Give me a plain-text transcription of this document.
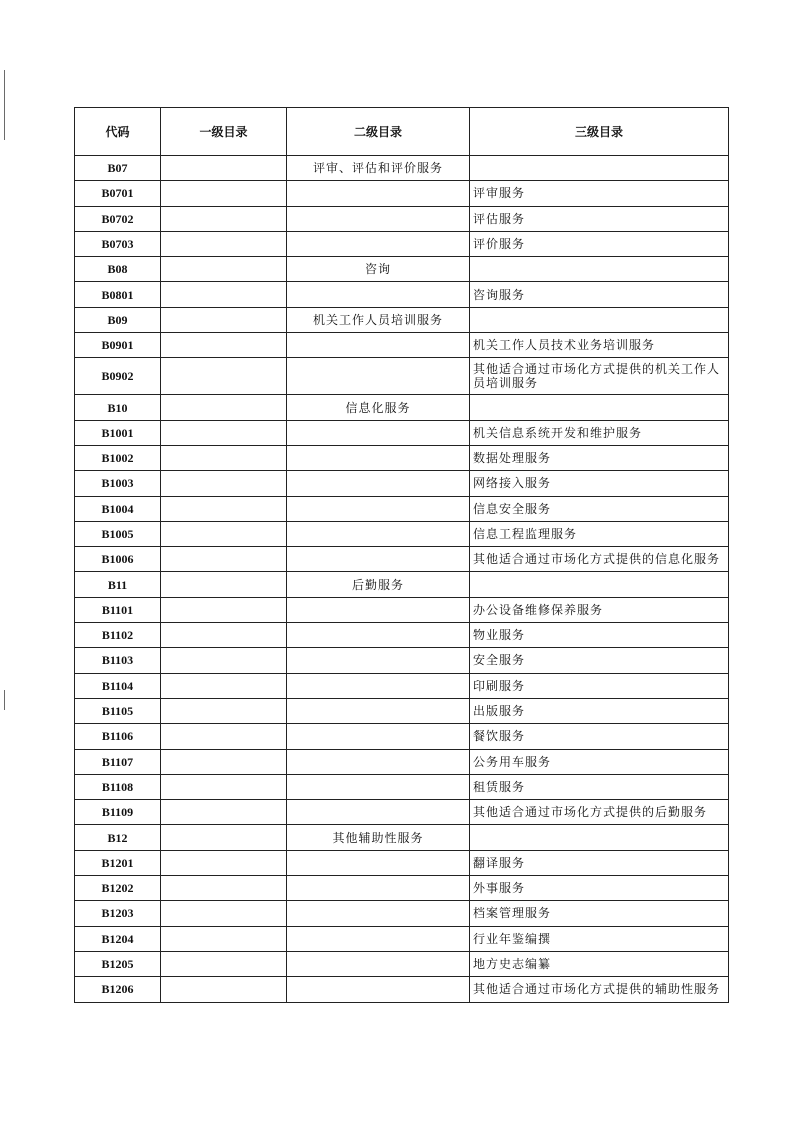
代码	一级目录	二级目录	三级目录
B07		评审、评估和评价服务	
B0701			评审服务
B0702			评估服务
B0703			评价服务
B08		咨询	
B0801			咨询服务
B09		机关工作人员培训服务	
B0901			机关工作人员技术业务培训服务
B0902			其他适合通过市场化方式提供的机关工作人员培训服务
B10		信息化服务	
B1001			机关信息系统开发和维护服务
B1002			数据处理服务
B1003			网络接入服务
B1004			信息安全服务
B1005			信息工程监理服务
B1006			其他适合通过市场化方式提供的信息化服务
B11		后勤服务	
B1101			办公设备维修保养服务
B1102			物业服务
B1103			安全服务
B1104			印刷服务
B1105			出版服务
B1106			餐饮服务
B1107			公务用车服务
B1108			租赁服务
B1109			其他适合通过市场化方式提供的后勤服务
B12		其他辅助性服务	
B1201			翻译服务
B1202			外事服务
B1203			档案管理服务
B1204			行业年鉴编撰
B1205			地方史志编纂
B1206			其他适合通过市场化方式提供的辅助性服务
